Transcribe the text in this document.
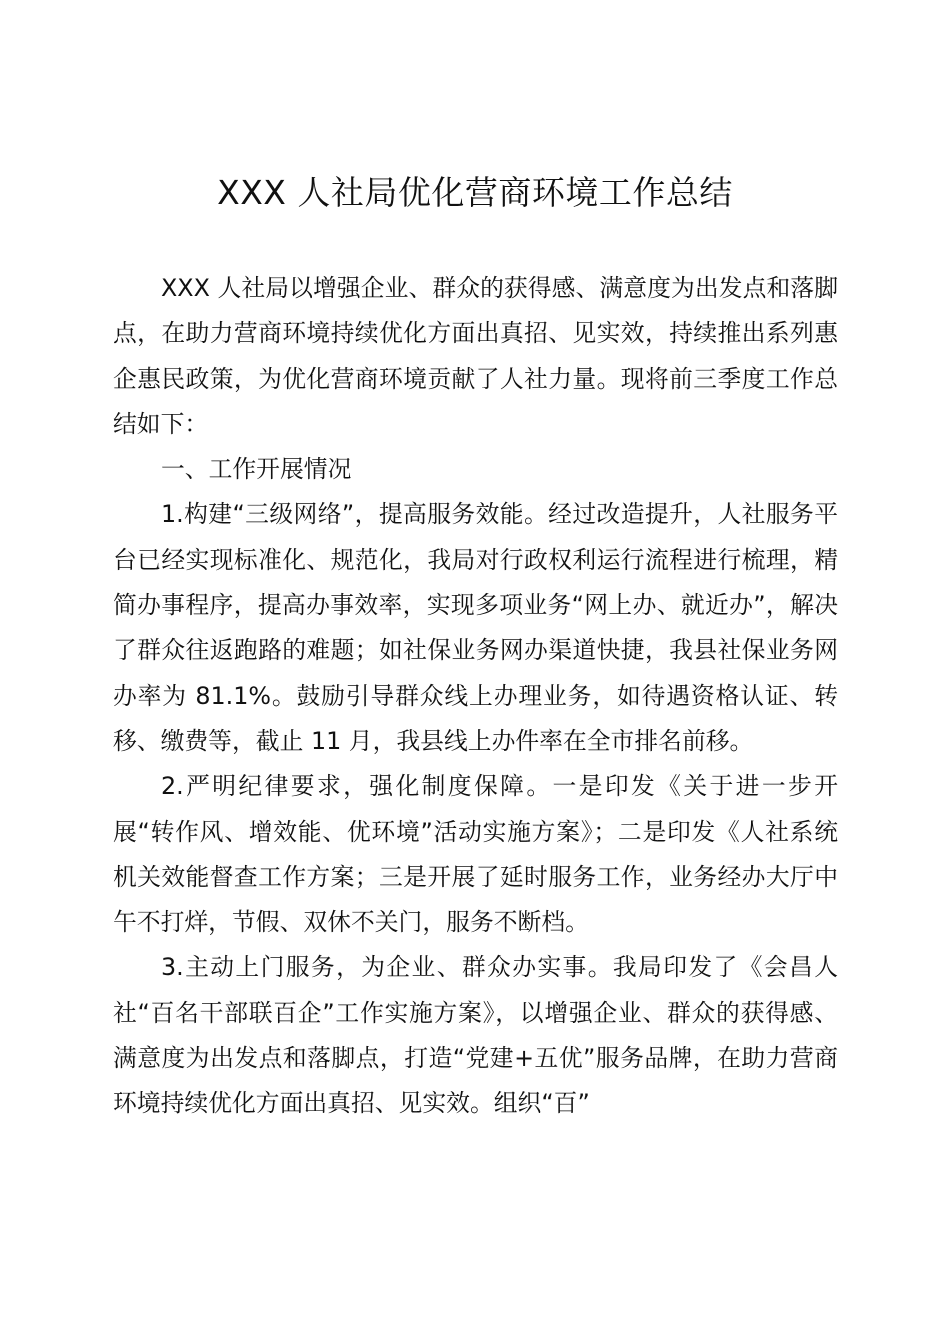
XXX 人社局优化营商环境工作总结

XXX 人社局以增强企业、群众的获得感、满意度为出发点和落脚点，在助力营商环境持续优化方面出真招、见实效，持续推出系列惠企惠民政策，为优化营商环境贡献了人社力量。现将前三季度工作总结如下：

一、工作开展情况

1.构建“三级网络”，提高服务效能。经过改造提升，人社服务平台已经实现标准化、规范化，我局对行政权利运行流程进行梳理，精简办事程序，提高办事效率，实现多项业务“网上办、就近办”，解决了群众往返跑路的难题；如社保业务网办渠道快捷，我县社保业务网办率为 81.1%。鼓励引导群众线上办理业务，如待遇资格认证、转移、缴费等，截止 11 月，我县线上办件率在全市排名前移。

2.严明纪律要求，强化制度保障。一是印发《关于进一步开展“转作风、增效能、优环境”活动实施方案》；二是印发《人社系统机关效能督查工作方案；三是开展了延时服务工作，业务经办大厅中午不打烊，节假、双休不关门，服务不断档。

3.主动上门服务，为企业、群众办实事。我局印发了《会昌人社“百名干部联百企”工作实施方案》，以增强企业、群众的获得感、满意度为出发点和落脚点，打造“党建+五优”服务品牌，在助力营商环境持续优化方面出真招、见实效。组织“百”
